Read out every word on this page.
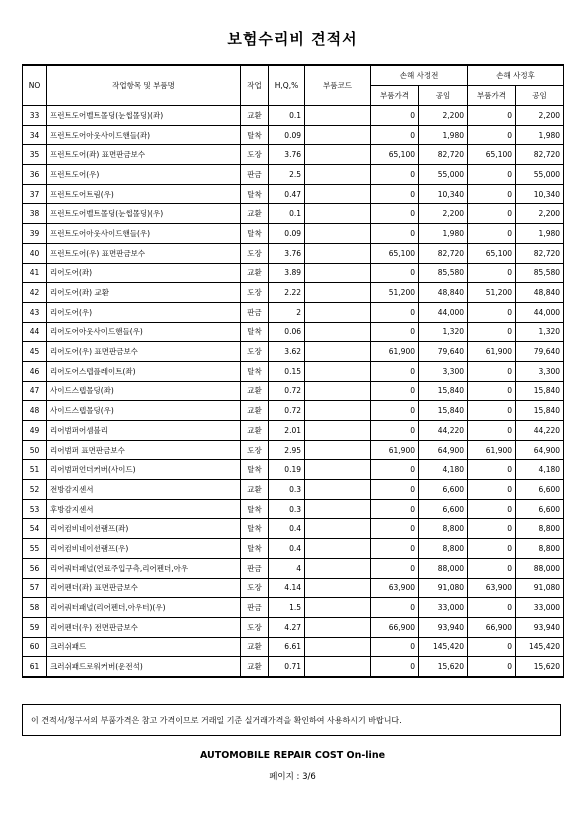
보험수리비 견적서
NO	작업항목 및 부품명	작업	H,Q,%	부품코드	손해 사정전		손해 사정후	
					부품가격	공임	부품가격	공임
33	프런트도어벨트몰딩(눈썹몰딩)(좌)	교환	0.1		0	2,200	0	2,200
34	프런트도어아웃사이드핸들(좌)	탈착	0.09		0	1,980	0	1,980
35	프런트도어(좌) 표면판금보수	도장	3.76		65,100	82,720	65,100	82,720
36	프런트도어(우)	판금	2.5		0	55,000	0	55,000
37	프런트도어트림(우)	탈착	0.47		0	10,340	0	10,340
38	프런트도어벨트몰딩(눈썹몰딩)(우)	교환	0.1		0	2,200	0	2,200
39	프런트도어아웃사이드핸들(우)	탈착	0.09		0	1,980	0	1,980
40	프런트도어(우) 표면판금보수	도장	3.76		65,100	82,720	65,100	82,720
41	리어도어(좌)	교환	3.89		0	85,580	0	85,580
42	리어도어(좌) 교환	도장	2.22		51,200	48,840	51,200	48,840
43	리어도어(우)	판금	2		0	44,000	0	44,000
44	리어도어아웃사이드핸들(우)	탈착	0.06		0	1,320	0	1,320
45	리어도어(우) 표면판금보수	도장	3.62		61,900	79,640	61,900	79,640
46	리어도어스텝플레이트(좌)	탈착	0.15		0	3,300	0	3,300
47	사이드스텝몰딩(좌)	교환	0.72		0	15,840	0	15,840
48	사이드스텝몰딩(우)	교환	0.72		0	15,840	0	15,840
49	리어범퍼어셈블리	교환	2.01		0	44,220	0	44,220
50	리어범퍼 표면판금보수	도장	2.95		61,900	64,900	61,900	64,900
51	리어범퍼언더커버(사이드)	탈착	0.19		0	4,180	0	4,180
52	전방감지센서	교환	0.3		0	6,600	0	6,600
53	후방감지센서	탈착	0.3		0	6,600	0	6,600
54	리어컴비네이션램프(좌)	탈착	0.4		0	8,800	0	8,800
55	리어컴비네이션램프(우)	탈착	0.4		0	8,800	0	8,800
56	리어쿼터패널(연료주입구측,리어펜더,아우	판금	4		0	88,000	0	88,000
57	리어펜더(좌) 표면판금보수	도장	4.14		63,900	91,080	63,900	91,080
58	리어쿼터패널(리어펜더,아우터)(우)	판금	1.5		0	33,000	0	33,000
59	리어펜더(우) 전면판금보수	도장	4.27		66,900	93,940	66,900	93,940
60	크러쉬패드	교환	6.61		0	145,420	0	145,420
61	크러쉬패드로워커버(운전석)	교환	0.71		0	15,620	0	15,620
이 견적서/청구서의 부품가격은 참고 가격이므로 거래일 기준 실거래가격을 확인하여 사용하시기 바랍니다.
AUTOMOBILE REPAIR COST On-line
페이지 : 3/6
